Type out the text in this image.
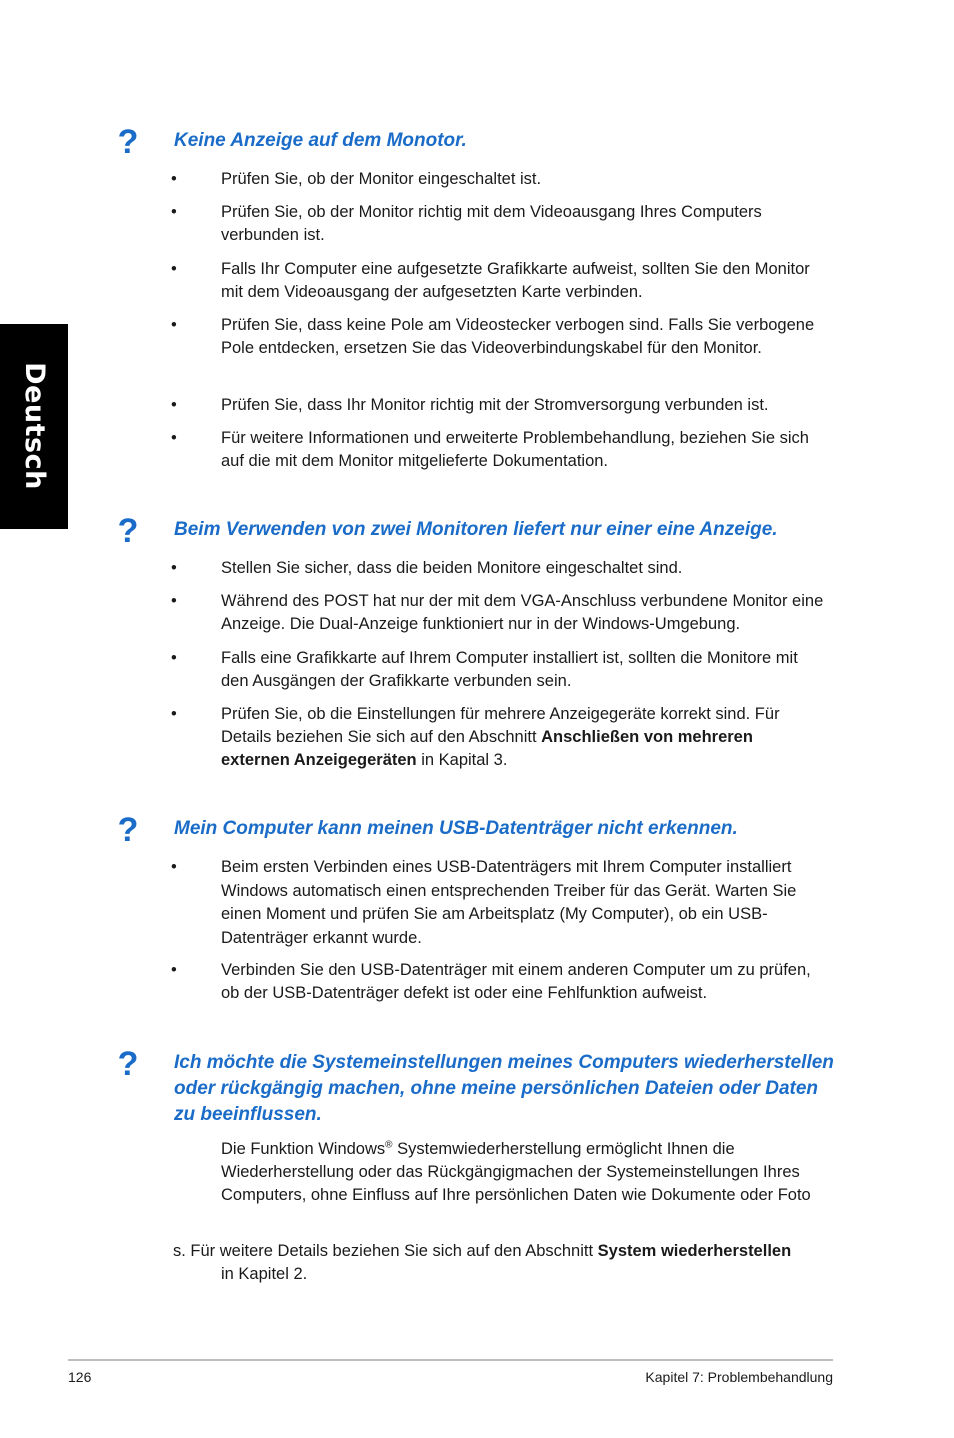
Deutsch
? Keine Anzeige auf dem Monotor.
•	Prüfen Sie, ob der Monitor eingeschaltet ist.
•	Prüfen Sie, ob der Monitor richtig mit dem Videoausgang Ihres Computers verbunden ist.
•	Falls Ihr Computer eine aufgesetzte Grafikkarte aufweist, sollten Sie den Monitor mit dem Videoausgang der aufgesetzten Karte verbinden.
•	Prüfen Sie, dass keine Pole am Videostecker verbogen sind. Falls Sie verbogene Pole entdecken, ersetzen Sie das Videoverbindungskabel für den Monitor.
•	Prüfen Sie, dass Ihr Monitor richtig mit der Stromversorgung verbunden ist.
•	Für weitere Informationen und erweiterte Problembehandlung, beziehen Sie sich auf die mit dem Monitor mitgelieferte Dokumentation.
? Beim Verwenden von zwei Monitoren liefert nur einer eine Anzeige.
•	Stellen Sie sicher, dass die beiden Monitore eingeschaltet sind.
•	Während des POST hat nur der mit dem VGA-Anschluss verbundene Monitor eine Anzeige. Die Dual-Anzeige funktioniert nur in der Windows-Umgebung.
•	Falls eine Grafikkarte auf Ihrem Computer installiert ist, sollten die Monitore mit den Ausgängen der Grafikkarte verbunden sein.
•	Prüfen Sie, ob die Einstellungen für mehrere Anzeigegeräte korrekt sind. Für Details beziehen Sie sich auf den Abschnitt Anschließen von mehreren externen Anzeigegeräten in Kapital 3.
? Mein Computer kann meinen USB-Datenträger nicht erkennen.
•	Beim ersten Verbinden eines USB-Datenträgers mit Ihrem Computer installiert Windows automatisch einen entsprechenden Treiber für das Gerät. Warten Sie einen Moment und prüfen Sie am Arbeitsplatz (My Computer), ob ein USB-Datenträger erkannt wurde.
•	Verbinden Sie den USB-Datenträger mit einem anderen Computer um zu prüfen, ob der USB-Datenträger defekt ist oder eine Fehlfunktion aufweist.
? Ich möchte die Systemeinstellungen meines Computers wiederherstellen oder rückgängig machen, ohne meine persönlichen Dateien oder Daten zu beeinflussen.
Die Funktion Windows® Systemwiederherstellung ermöglicht Ihnen die Wiederherstellung oder das Rückgängigmachen der Systemeinstellungen Ihres Computers, ohne Einfluss auf Ihre persönlichen Daten wie Dokumente oder Foto
s. Für weitere Details beziehen Sie sich auf den Abschnitt System wiederherstellen
in Kapitel 2.
126	Kapitel 7: Problembehandlung
